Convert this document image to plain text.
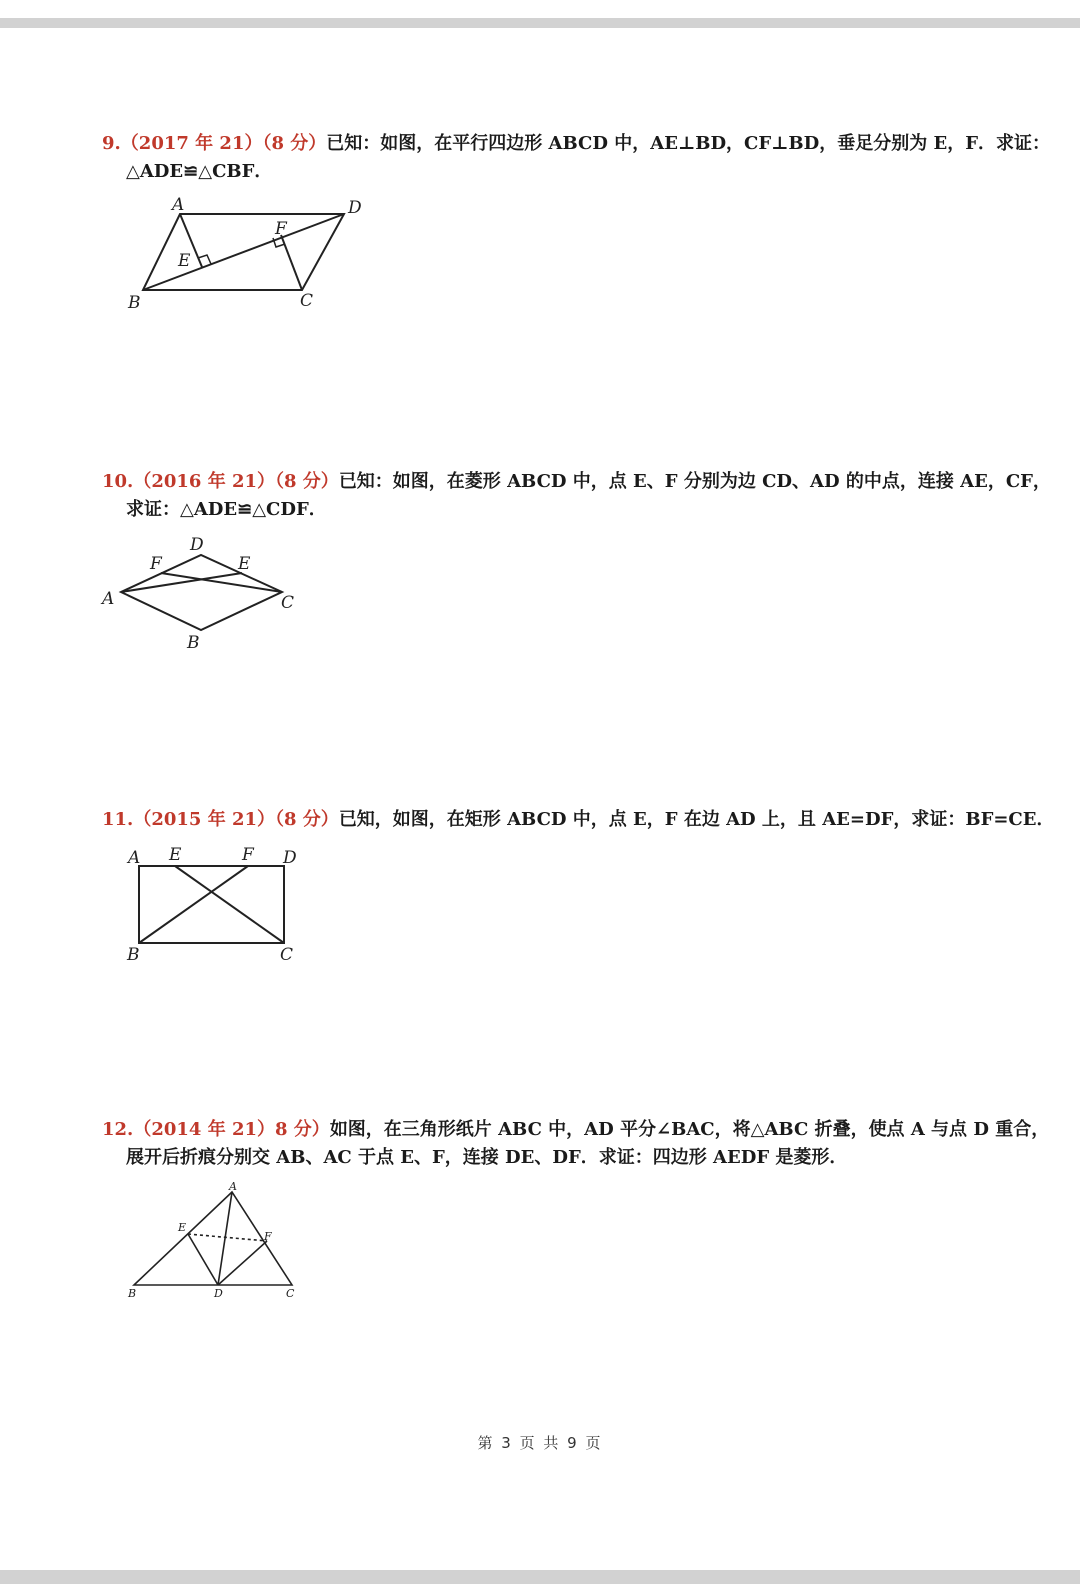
9.（2017 年 21）（8 分）已知：如图，在平行四边形 ABCD 中，AE⊥BD，CF⊥BD，垂足分别为 E，F．求证：
△ADE≌△CBF．
A	D
F
E
B	C
10.（2016 年 21）（8 分）已知：如图，在菱形 ABCD 中，点 E、F 分别为边 CD、AD 的中点，连接 AE，CF，
求证：△ADE≌△CDF．
D
F	E
A	C
B
11.（2015 年 21）（8 分）已知，如图，在矩形 ABCD 中，点 E，F 在边 AD 上，且 AE=DF，求证：BF=CE．
A E	F D
B	C
12.（2014 年 21）8 分）如图，在三角形纸片 ABC 中，AD 平分∠BAC，将△ABC 折叠，使点 A 与点 D 重合，
展开后折痕分别交 AB、AC 于点 E、F，连接 DE、DF．求证：四边形 AEDF 是菱形．
A
E
F
B	D	C
第 3 页 共 9 页
